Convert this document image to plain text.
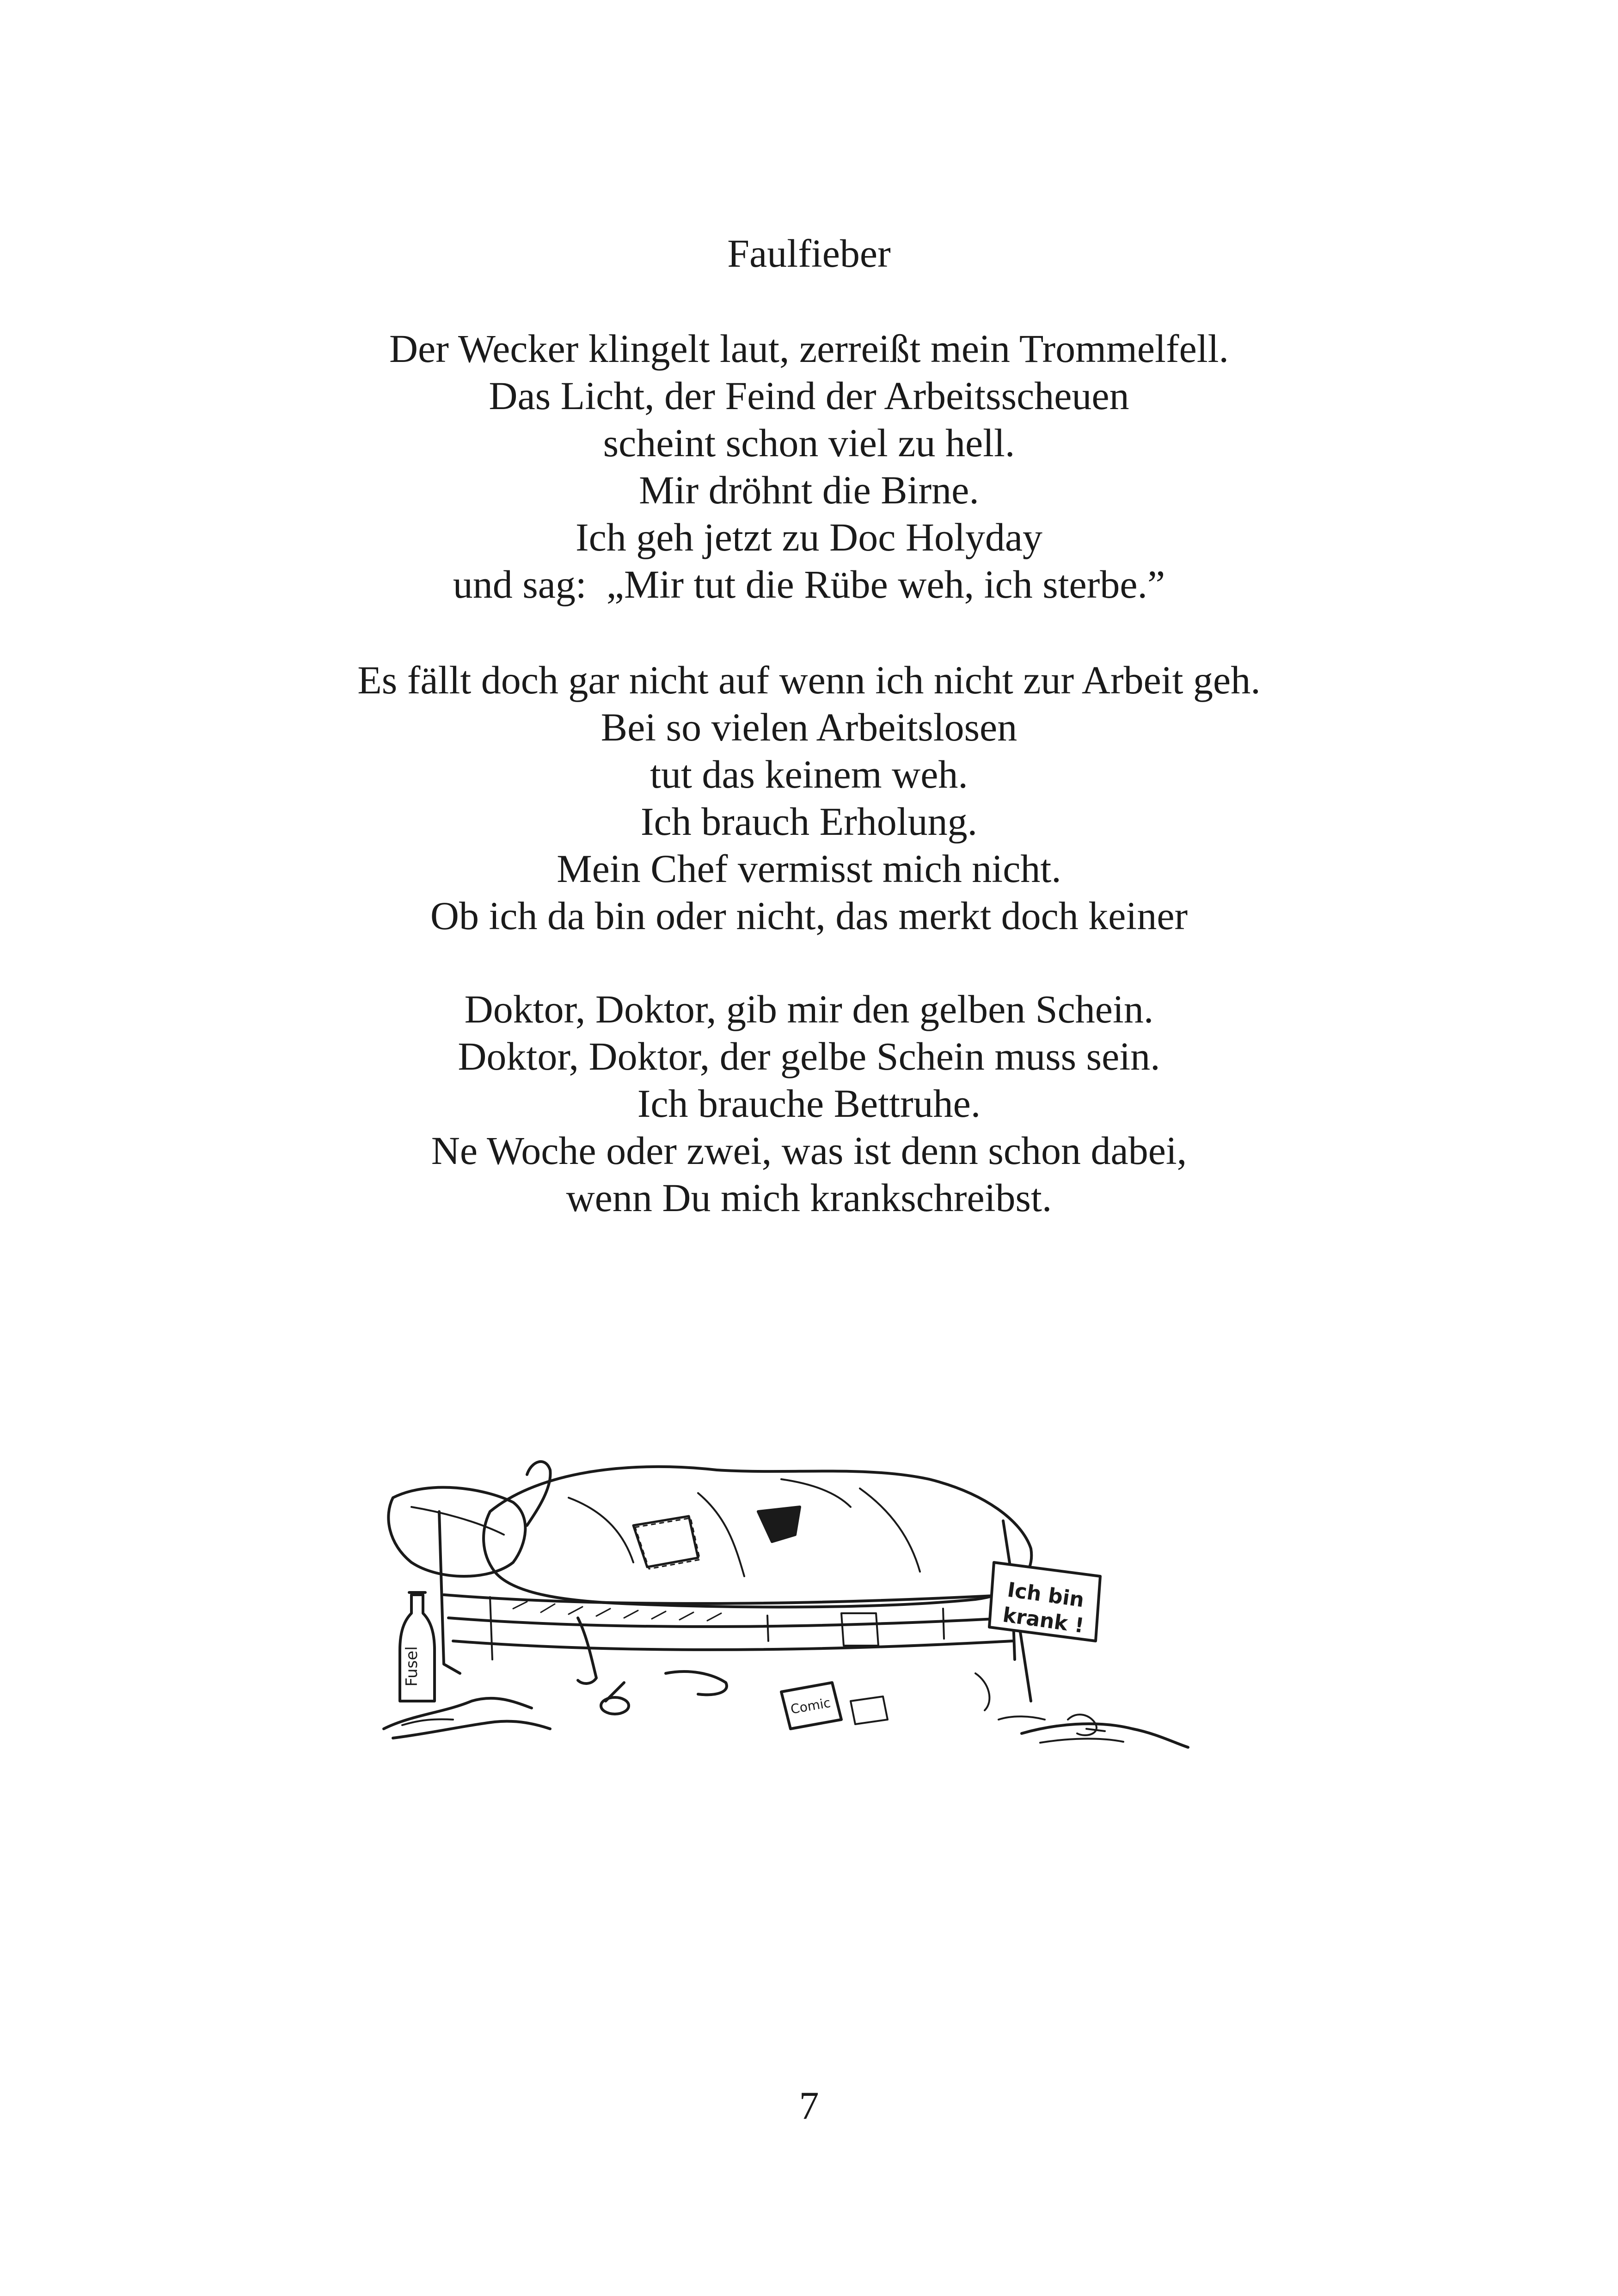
Faulfieber
Der Wecker klingelt laut, zerreißt mein Trommelfell.
Das Licht, der Feind der Arbeitsscheuen
scheint schon viel zu hell.
Mir dröhnt die Birne.
Ich geh jetzt zu Doc Holyday
und sag:  „Mir tut die Rübe weh, ich sterbe.”
Es fällt doch gar nicht auf wenn ich nicht zur Arbeit geh.
Bei so vielen Arbeitslosen
tut das keinem weh.
Ich brauch Erholung.
Mein Chef vermisst mich nicht.
Ob ich da bin oder nicht, das merkt doch keiner
Doktor, Doktor, gib mir den gelben Schein.
Doktor, Doktor, der gelbe Schein muss sein.
Ich brauche Bettruhe.
Ne Woche oder zwei, was ist denn schon dabei,
wenn Du mich krankschreibst.
Fusel
Comic
Ich bin
krank !
7
